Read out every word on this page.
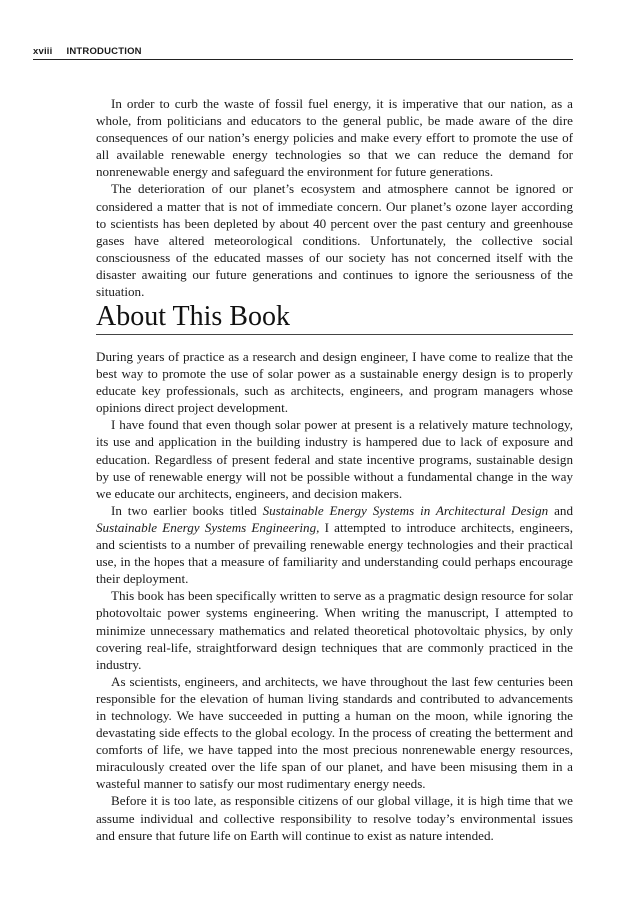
xviii INTRODUCTION

In order to curb the waste of fossil fuel energy, it is imperative that our nation, as a whole, from politicians and educators to the general public, be made aware of the dire consequences of our nation’s energy policies and make every effort to promote the use of all available renewable energy technologies so that we can reduce the demand for nonrenewable energy and safeguard the environment for future generations.

The deterioration of our planet’s ecosystem and atmosphere cannot be ignored or considered a matter that is not of immediate concern. Our planet’s ozone layer according to scientists has been depleted by about 40 percent over the past century and greenhouse gases have altered meteorological conditions. Unfortunately, the collective social consciousness of the educated masses of our society has not concerned itself with the disaster awaiting our future generations and continues to ignore the seriousness of the situation.

About This Book

During years of practice as a research and design engineer, I have come to realize that the best way to promote the use of solar power as a sustainable energy design is to properly educate key professionals, such as architects, engineers, and program managers whose opinions direct project development.

I have found that even though solar power at present is a relatively mature technology, its use and application in the building industry is hampered due to lack of exposure and education. Regardless of present federal and state incentive programs, sustainable design by use of renewable energy will not be possible without a fundamental change in the way we educate our architects, engineers, and decision makers.

In two earlier books titled Sustainable Energy Systems in Architectural Design and Sustainable Energy Systems Engineering, I attempted to introduce architects, engineers, and scientists to a number of prevailing renewable energy technologies and their practical use, in the hopes that a measure of familiarity and understanding could perhaps encourage their deployment.

This book has been specifically written to serve as a pragmatic design resource for solar photovoltaic power systems engineering. When writing the manuscript, I attempted to minimize unnecessary mathematics and related theoretical photovoltaic physics, by only covering real-life, straightforward design techniques that are commonly practiced in the industry.

As scientists, engineers, and architects, we have throughout the last few centuries been responsible for the elevation of human living standards and contributed to advancements in technology. We have succeeded in putting a human on the moon, while ignoring the devastating side effects to the global ecology. In the process of creating the betterment and comforts of life, we have tapped into the most precious nonrenewable energy resources, miraculously created over the life span of our planet, and have been misusing them in a wasteful manner to satisfy our most rudimentary energy needs.

Before it is too late, as responsible citizens of our global village, it is high time that we assume individual and collective responsibility to resolve today’s environmental issues and ensure that future life on Earth will continue to exist as nature intended.
